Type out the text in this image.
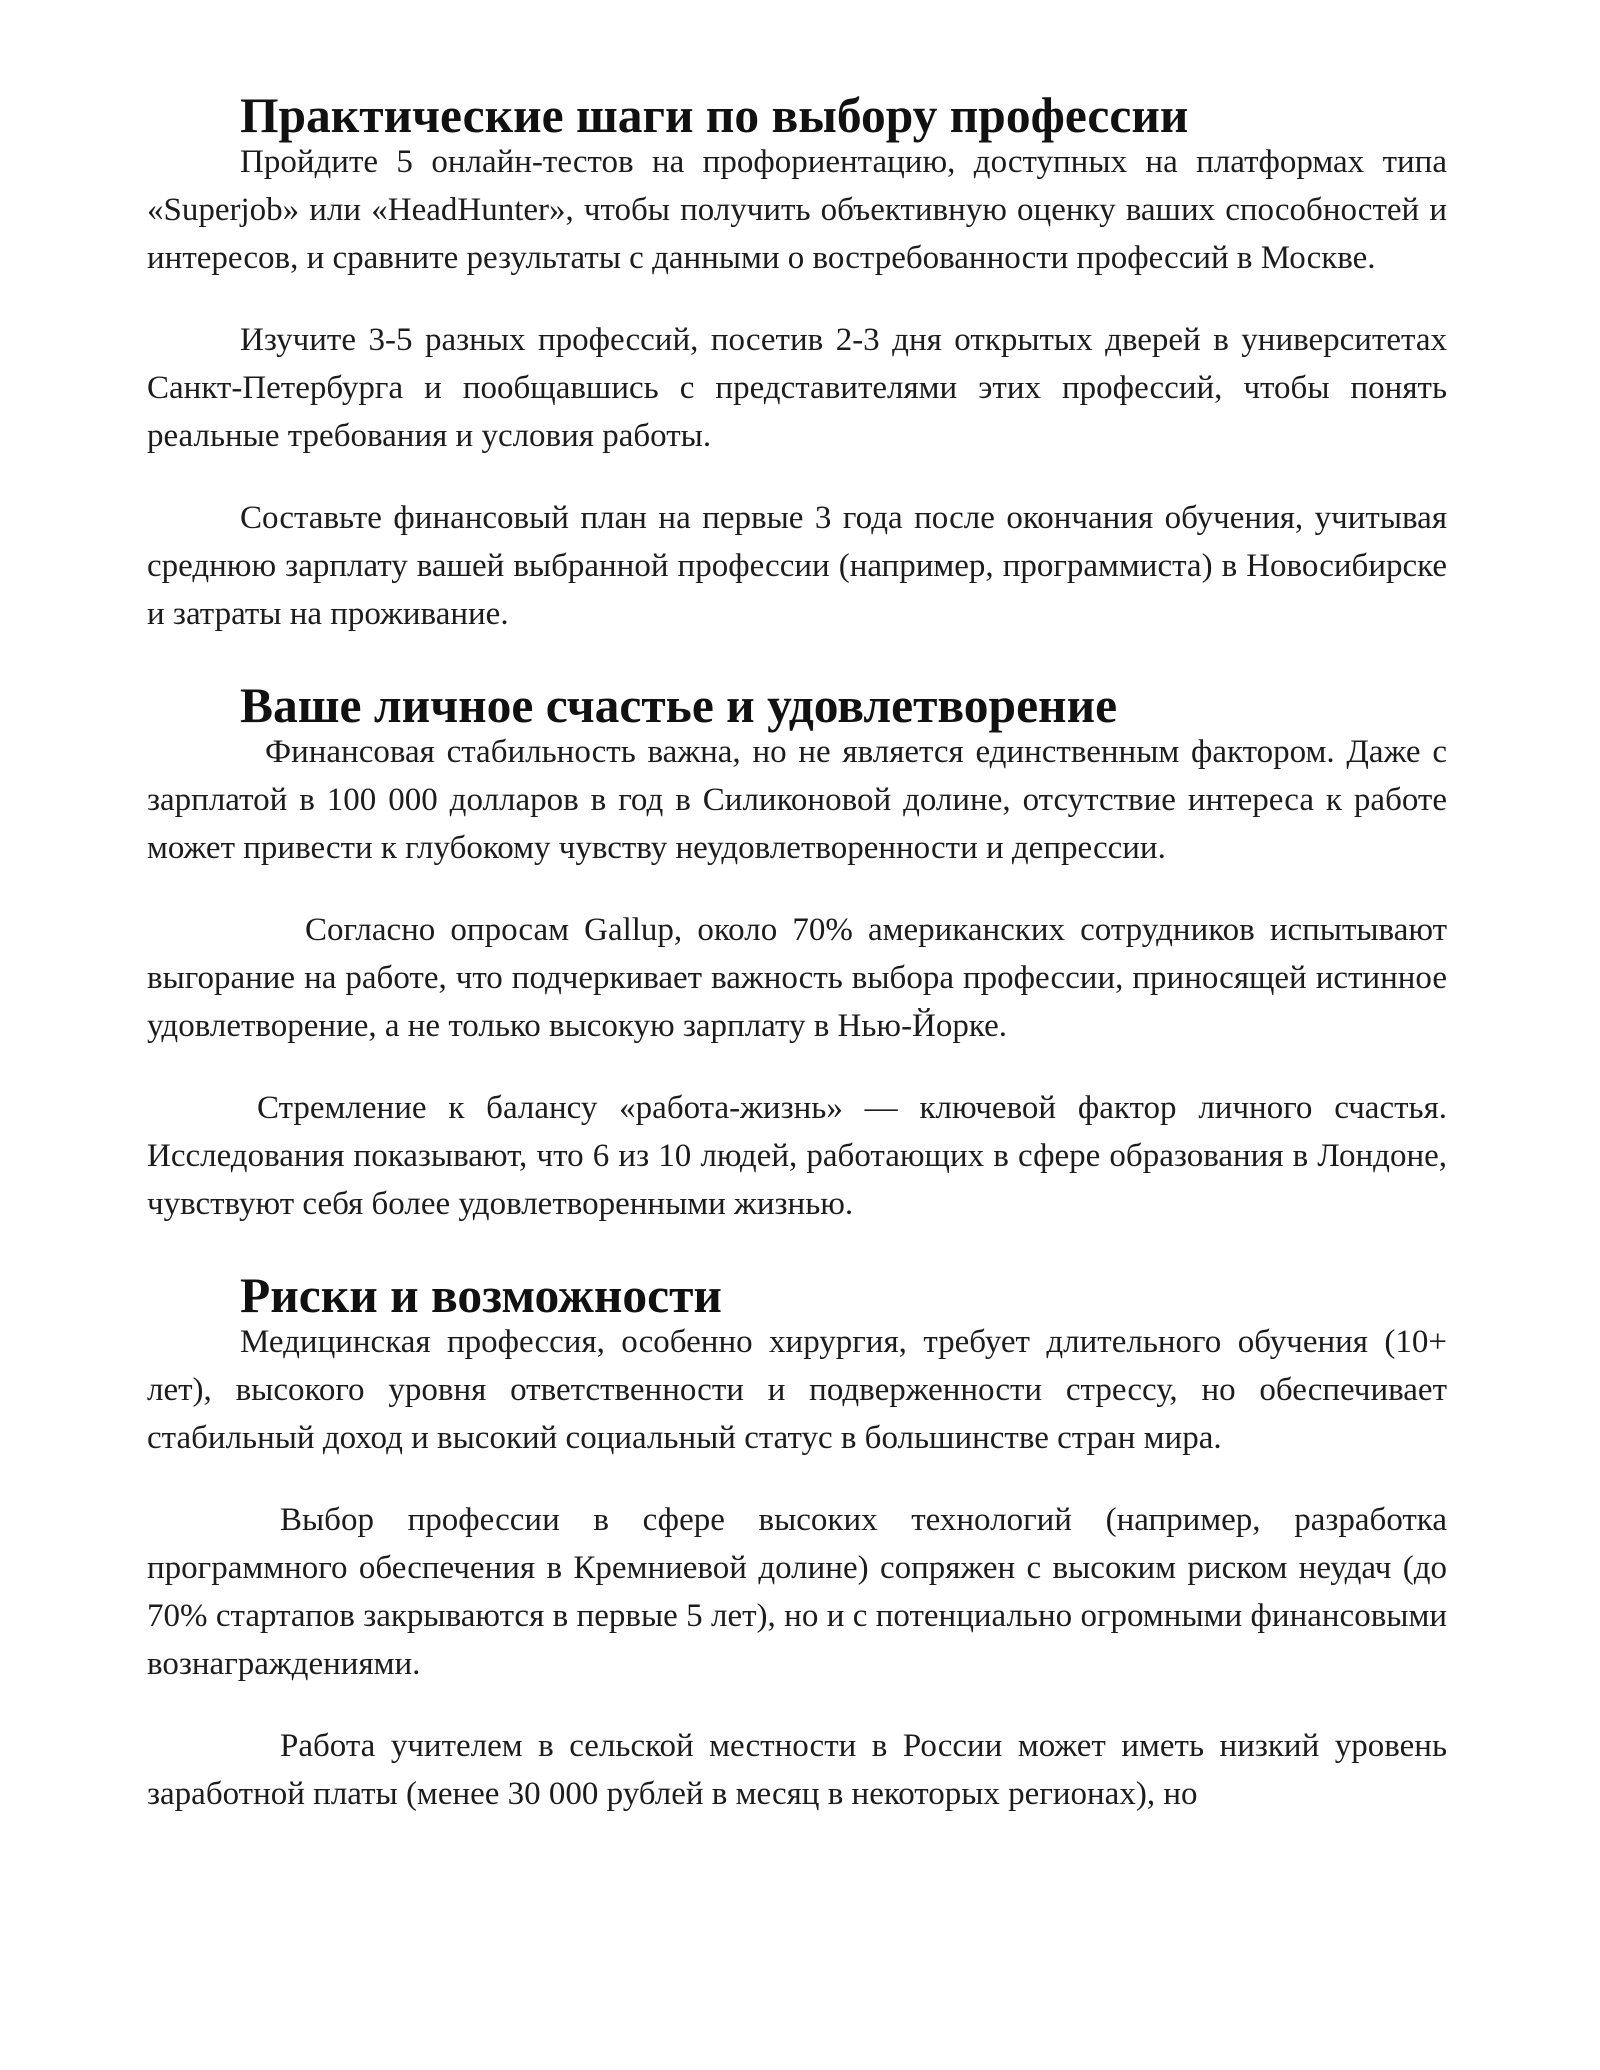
Практические шаги по выбору профессии

Пройдите 5 онлайн-тестов на профориентацию, доступных на платформах типа «Superjob» или «HeadHunter», чтобы получить объективную оценку ваших способностей и интересов, и сравните результаты с данными о востребованности профессий в Москве.

Изучите 3-5 разных профессий, посетив 2-3 дня открытых дверей в университетах Санкт-Петербурга и пообщавшись с представителями этих профессий, чтобы понять реальные требования и условия работы.

Составьте финансовый план на первые 3 года после окончания обучения, учитывая среднюю зарплату вашей выбранной профессии (например, программиста) в Новосибирске и затраты на проживание.

Ваше личное счастье и удовлетворение

Финансовая стабильность важна, но не является единственным фактором. Даже с зарплатой в 100 000 долларов в год в Силиконовой долине, отсутствие интереса к работе может привести к глубокому чувству неудовлетворенности и депрессии.

Согласно опросам Gallup, около 70% американских сотрудников испытывают выгорание на работе, что подчеркивает важность выбора профессии, приносящей истинное удовлетворение, а не только высокую зарплату в Нью-Йорке.

Стремление к балансу «работа-жизнь» — ключевой фактор личного счастья. Исследования показывают, что 6 из 10 людей, работающих в сфере образования в Лондоне, чувствуют себя более удовлетворенными жизнью.

Риски и возможности

Медицинская профессия, особенно хирургия, требует длительного обучения (10+ лет), высокого уровня ответственности и подверженности стрессу, но обеспечивает стабильный доход и высокий социальный статус в большинстве стран мира.

Выбор профессии в сфере высоких технологий (например, разработка программного обеспечения в Кремниевой долине) сопряжен с высоким риском неудач (до 70% стартапов закрываются в первые 5 лет), но и с потенциально огромными финансовыми вознаграждениями.

Работа учителем в сельской местности в России может иметь низкий уровень заработной платы (менее 30 000 рублей в месяц в некоторых регионах), но
